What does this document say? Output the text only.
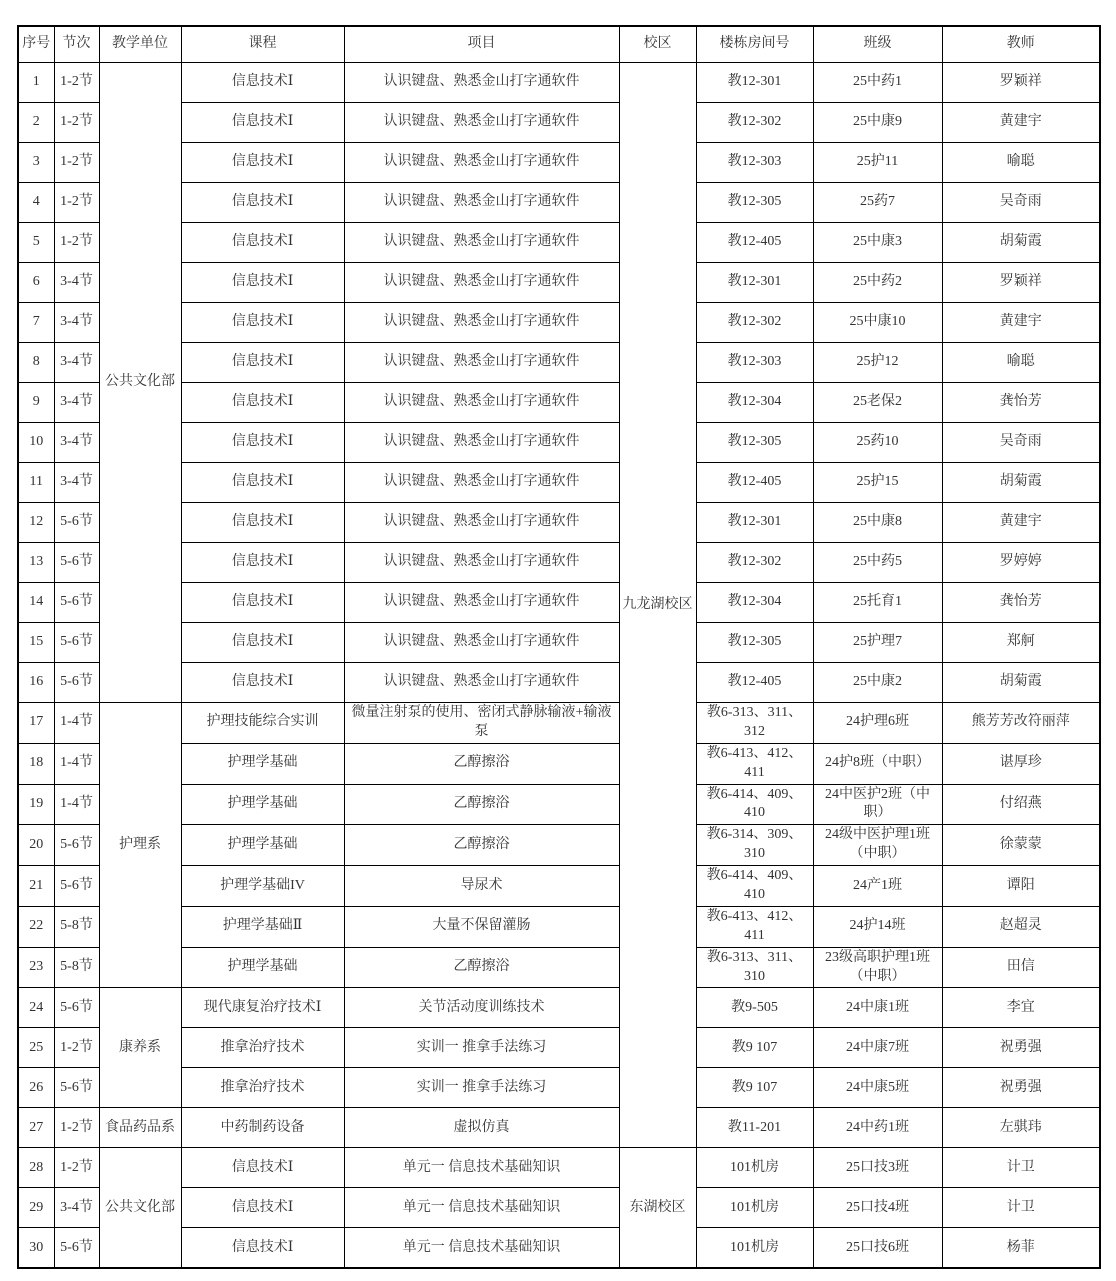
序号	节次	教学单位	课程	项目	校区	楼栋房间号	班级	教师
1	1-2节	公共文化部	信息技术Ⅰ	认识键盘、熟悉金山打字通软件	九龙湖校区	教12-301	25中药1	罗颖祥
2	1-2节		信息技术Ⅰ	认识键盘、熟悉金山打字通软件		教12-302	25中康9	黄建宇
3	1-2节		信息技术Ⅰ	认识键盘、熟悉金山打字通软件		教12-303	25护11	喻聪
4	1-2节		信息技术Ⅰ	认识键盘、熟悉金山打字通软件		教12-305	25药7	吴奇雨
5	1-2节		信息技术Ⅰ	认识键盘、熟悉金山打字通软件		教12-405	25中康3	胡菊霞
6	3-4节		信息技术Ⅰ	认识键盘、熟悉金山打字通软件		教12-301	25中药2	罗颖祥
7	3-4节		信息技术Ⅰ	认识键盘、熟悉金山打字通软件		教12-302	25中康10	黄建宇
8	3-4节		信息技术Ⅰ	认识键盘、熟悉金山打字通软件		教12-303	25护12	喻聪
9	3-4节		信息技术Ⅰ	认识键盘、熟悉金山打字通软件		教12-304	25老保2	龚怡芳
10	3-4节		信息技术Ⅰ	认识键盘、熟悉金山打字通软件		教12-305	25药10	吴奇雨
11	3-4节		信息技术Ⅰ	认识键盘、熟悉金山打字通软件		教12-405	25护15	胡菊霞
12	5-6节		信息技术Ⅰ	认识键盘、熟悉金山打字通软件		教12-301	25中康8	黄建宇
13	5-6节		信息技术Ⅰ	认识键盘、熟悉金山打字通软件		教12-302	25中药5	罗婷婷
14	5-6节		信息技术Ⅰ	认识键盘、熟悉金山打字通软件		教12-304	25托育1	龚怡芳
15	5-6节		信息技术Ⅰ	认识键盘、熟悉金山打字通软件		教12-305	25护理7	郑舸
16	5-6节		信息技术Ⅰ	认识键盘、熟悉金山打字通软件		教12-405	25中康2	胡菊霞
17	1-4节	护理系	护理技能综合实训	微量注射泵的使用、密闭式静脉输液+输液泵		教6-313、311、312	24护理6班	熊芳芳改符丽萍
18	1-4节		护理学基础	乙醇擦浴		教6-413、412、411	24护8班（中职）	谌厚珍
19	1-4节		护理学基础	乙醇擦浴		教6-414、409、410	24中医护2班（中职）	付绍燕
20	5-6节		护理学基础	乙醇擦浴		教6-314、309、310	24级中医护理1班（中职）	徐蒙蒙
21	5-6节		护理学基础IV	导尿术		教6-414、409、410	24产1班	谭阳
22	5-8节		护理学基础Ⅱ	大量不保留灌肠		教6-413、412、411	24护14班	赵超灵
23	5-8节		护理学基础	乙醇擦浴		教6-313、311、310	23级高职护理1班（中职）	田信
24	5-6节	康养系	现代康复治疗技术Ⅰ	关节活动度训练技术		教9-505	24中康1班	李宜
25	1-2节		推拿治疗技术	实训一 推拿手法练习		教9 107	24中康7班	祝勇强
26	5-6节		推拿治疗技术	实训一 推拿手法练习		教9 107	24中康5班	祝勇强
27	1-2节	食品药品系	中药制药设备	虚拟仿真		教11-201	24中药1班	左骐玮
28	1-2节	公共文化部	信息技术Ⅰ	单元一 信息技术基础知识	东湖校区	101机房	25口技3班	计卫
29	3-4节		信息技术Ⅰ	单元一 信息技术基础知识		101机房	25口技4班	计卫
30	5-6节		信息技术Ⅰ	单元一 信息技术基础知识		101机房	25口技6班	杨菲
